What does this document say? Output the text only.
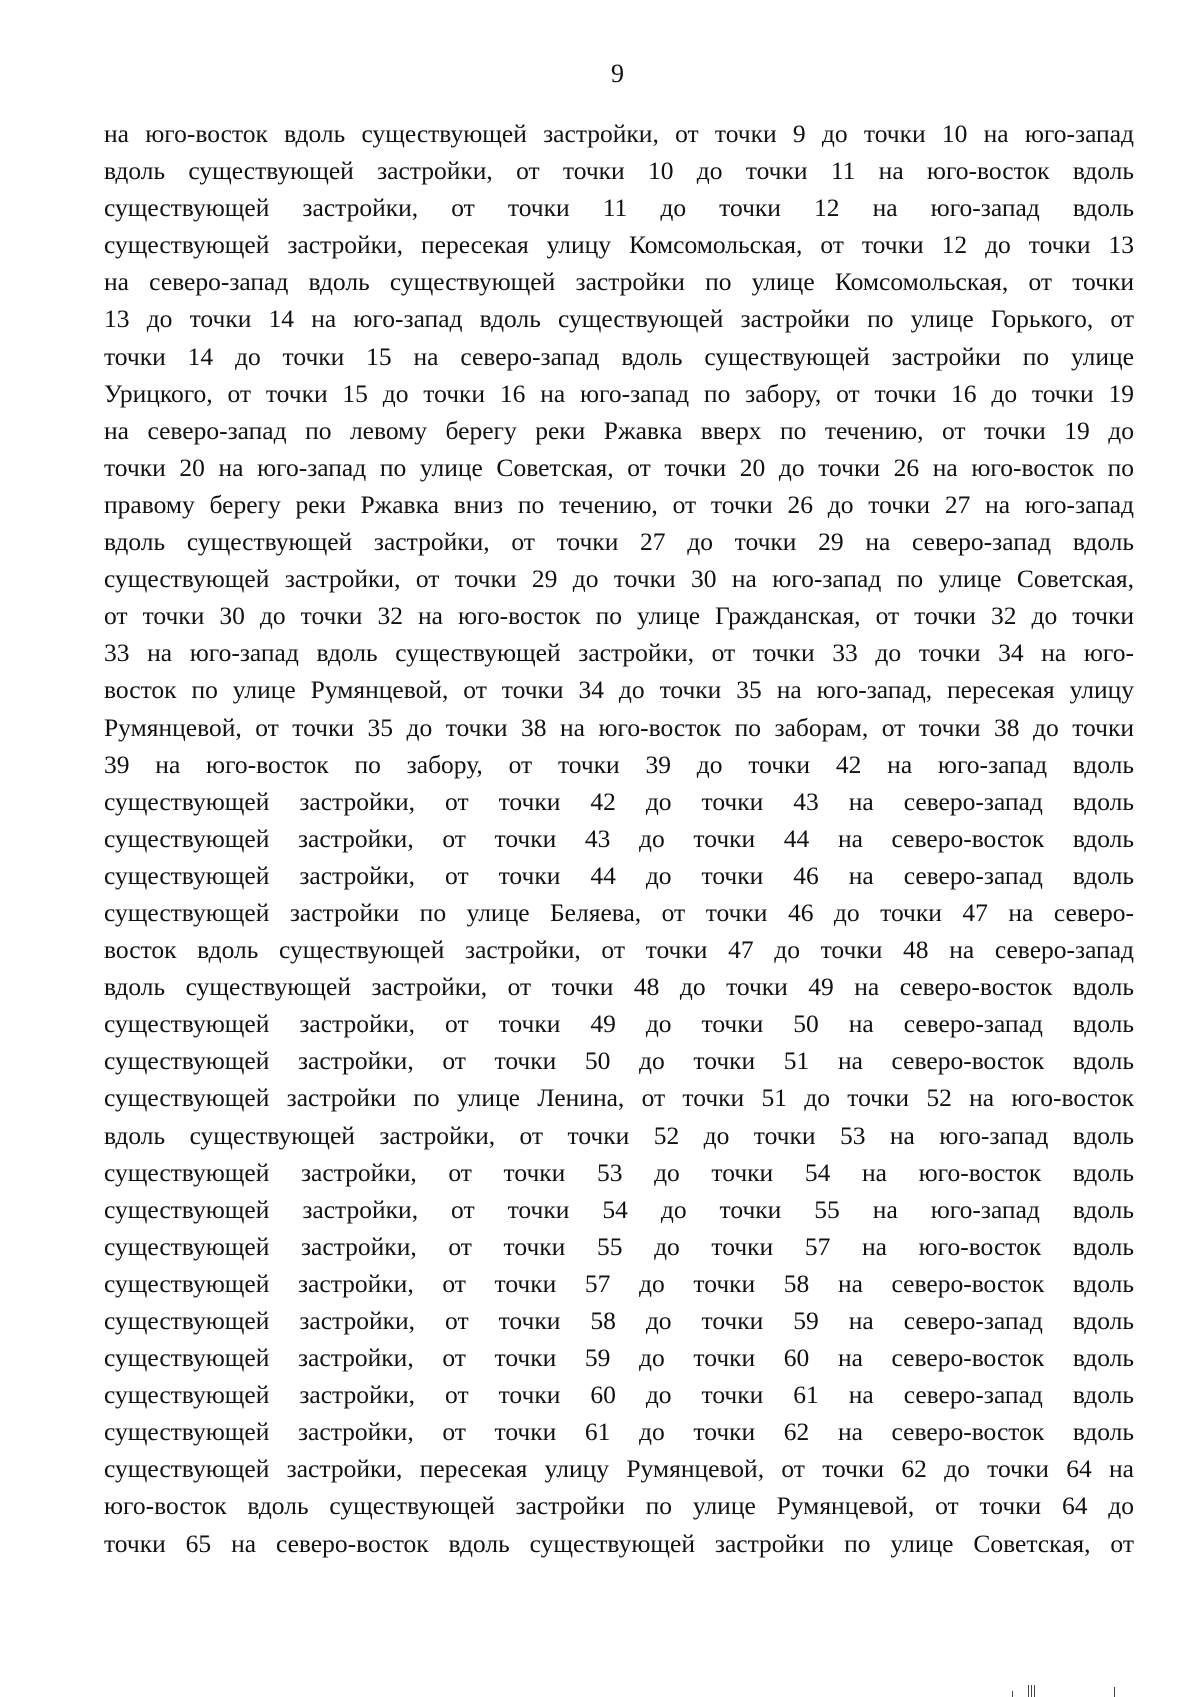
9
на юго-восток вдоль существующей застройки, от точки 9 до точки 10 на юго-запад
вдоль существующей застройки, от точки 10 до точки 11 на юго-восток вдоль
существующей застройки, от точки 11 до точки 12 на юго-запад вдоль
существующей застройки, пересекая улицу Комсомольская, от точки 12 до точки 13
на северо-запад вдоль существующей застройки по улице Комсомольская, от точки
13 до точки 14 на юго-запад вдоль существующей застройки по улице Горького, от
точки 14 до точки 15 на северо-запад вдоль существующей застройки по улице
Урицкого, от точки 15 до точки 16 на юго-запад по забору, от точки 16 до точки 19
на северо-запад по левому берегу реки Ржавка вверх по течению, от точки 19 до
точки 20 на юго-запад по улице Советская, от точки 20 до точки 26 на юго-восток по
правому берегу реки Ржавка вниз по течению, от точки 26 до точки 27 на юго-запад
вдоль существующей застройки, от точки 27 до точки 29 на северо-запад вдоль
существующей застройки, от точки 29 до точки 30 на юго-запад по улице Советская,
от точки 30 до точки 32 на юго-восток по улице Гражданская, от точки 32 до точки
33 на юго-запад вдоль существующей застройки, от точки 33 до точки 34 на юго-
восток по улице Румянцевой, от точки 34 до точки 35 на юго-запад, пересекая улицу
Румянцевой, от точки 35 до точки 38 на юго-восток по заборам, от точки 38 до точки
39 на юго-восток по забору, от точки 39 до точки 42 на юго-запад вдоль
существующей застройки, от точки 42 до точки 43 на северо-запад вдоль
существующей застройки, от точки 43 до точки 44 на северо-восток вдоль
существующей застройки, от точки 44 до точки 46 на северо-запад вдоль
существующей застройки по улице Беляева, от точки 46 до точки 47 на северо-
восток вдоль существующей застройки, от точки 47 до точки 48 на северо-запад
вдоль существующей застройки, от точки 48 до точки 49 на северо-восток вдоль
существующей застройки, от точки 49 до точки 50 на северо-запад вдоль
существующей застройки, от точки 50 до точки 51 на северо-восток вдоль
существующей застройки по улице Ленина, от точки 51 до точки 52 на юго-восток
вдоль существующей застройки, от точки 52 до точки 53 на юго-запад вдоль
существующей застройки, от точки 53 до точки 54 на юго-восток вдоль
существующей застройки, от точки 54 до точки 55 на юго-запад вдоль
существующей застройки, от точки 55 до точки 57 на юго-восток вдоль
существующей застройки, от точки 57 до точки 58 на северо-восток вдоль
существующей застройки, от точки 58 до точки 59 на северо-запад вдоль
существующей застройки, от точки 59 до точки 60 на северо-восток вдоль
существующей застройки, от точки 60 до точки 61 на северо-запад вдоль
существующей застройки, от точки 61 до точки 62 на северо-восток вдоль
существующей застройки, пересекая улицу Румянцевой, от точки 62 до точки 64 на
юго-восток вдоль существующей застройки по улице Румянцевой, от точки 64 до
точки 65 на северо-восток вдоль существующей застройки по улице Советская, от
